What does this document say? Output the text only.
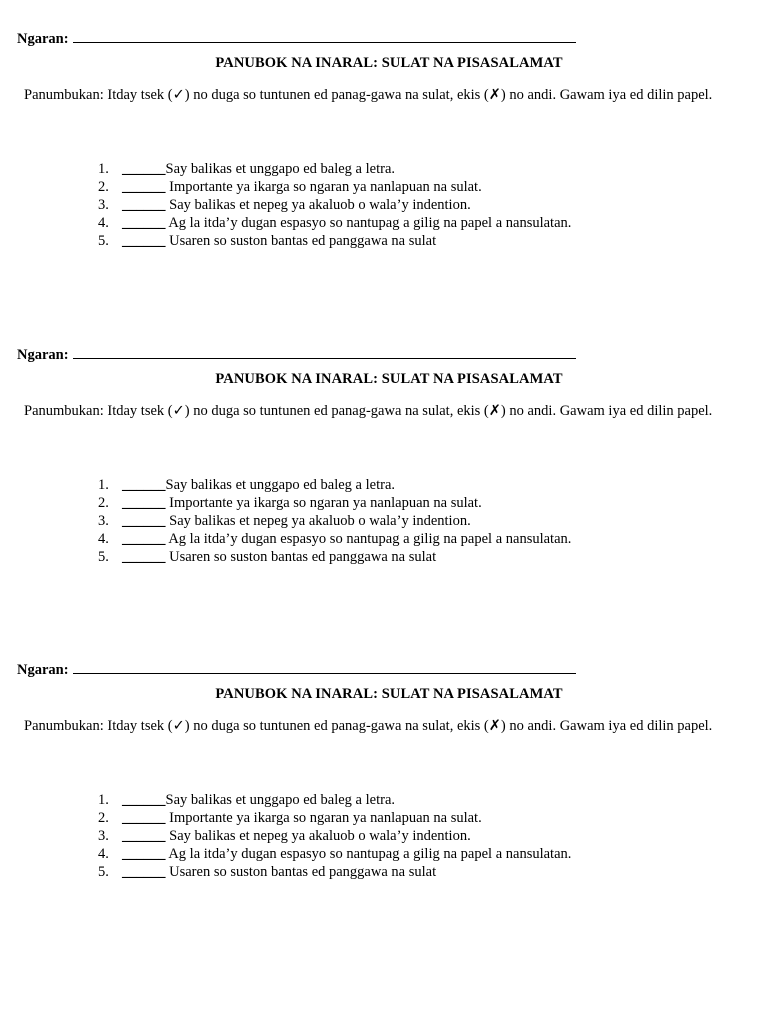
Ngaran:
PANUBOK NA INARAL: SULAT NA PISASALAMAT
Panumbukan: Itday tsek (✓) no duga so tuntunen ed panag-gawa na sulat, ekis (✗) no andi. Gawam iya ed dilin papel.
1. ______Say balikas et unggapo ed baleg a letra.
2. ______ Importante ya ikarga so ngaran ya nanlapuan na sulat.
3. ______ Say balikas et nepeg ya akaluob o wala’y indention.
4. ______ Ag la itda’y dugan espasyo so nantupag a gilig na papel a nansulatan.
5. ______ Usaren so suston bantas ed panggawa na sulat
Ngaran:
PANUBOK NA INARAL: SULAT NA PISASALAMAT
Panumbukan: Itday tsek (✓) no duga so tuntunen ed panag-gawa na sulat, ekis (✗) no andi. Gawam iya ed dilin papel.
1. ______Say balikas et unggapo ed baleg a letra.
2. ______ Importante ya ikarga so ngaran ya nanlapuan na sulat.
3. ______ Say balikas et nepeg ya akaluob o wala’y indention.
4. ______ Ag la itda’y dugan espasyo so nantupag a gilig na papel a nansulatan.
5. ______ Usaren so suston bantas ed panggawa na sulat
Ngaran:
PANUBOK NA INARAL: SULAT NA PISASALAMAT
Panumbukan: Itday tsek (✓) no duga so tuntunen ed panag-gawa na sulat, ekis (✗) no andi. Gawam iya ed dilin papel.
1. ______Say balikas et unggapo ed baleg a letra.
2. ______ Importante ya ikarga so ngaran ya nanlapuan na sulat.
3. ______ Say balikas et nepeg ya akaluob o wala’y indention.
4. ______ Ag la itda’y dugan espasyo so nantupag a gilig na papel a nansulatan.
5. ______ Usaren so suston bantas ed panggawa na sulat
